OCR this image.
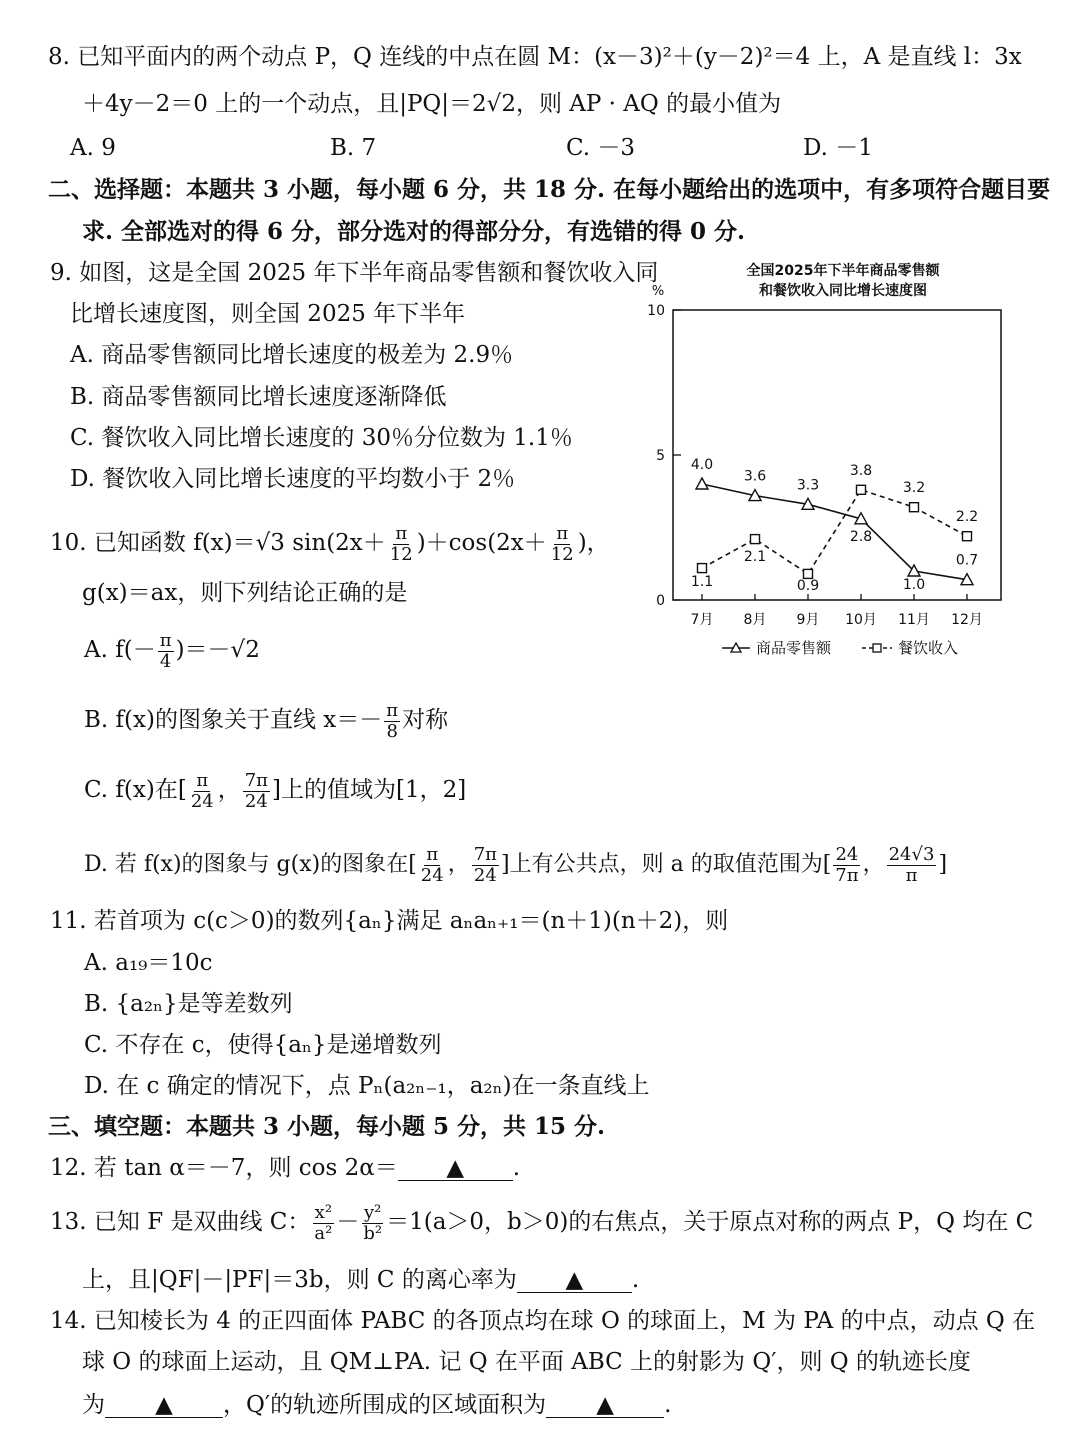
8. 已知平面内的两个动点 P，Q 连线的中点在圆 M：(x－3)²＋(y－2)²＝4 上，A 是直线 l：3x
＋4y－2＝0 上的一个动点，且|PQ|＝2√2，则 AP · AQ 的最小值为
A. 9	B. 7	C. －3	D. －1
二、选择题：本题共 3 小题，每小题 6 分，共 18 分. 在每小题给出的选项中，有多项符合题目要
求. 全部选对的得 6 分，部分选对的得部分分，有选错的得 0 分.
9. 如图，这是全国 2025 年下半年商品零售额和餐饮收入同
比增长速度图，则全国 2025 年下半年
A. 商品零售额同比增长速度的极差为 2.9％
B. 商品零售额同比增长速度逐渐降低
C. 餐饮收入同比增长速度的 30％分位数为 1.1％
D. 餐饮收入同比增长速度的平均数小于 2％
全国2025年下半年商品零售额
和餐饮收入同比增长速度图
%
0
5
10
7月 8月 9月 10月 11月 12月
4.0
3.6
3.3
2.8
1.0
0.7
1.1
2.1
0.9
3.8
3.2
2.2
商品零售额	餐饮收入
10. 已知函数 f(x)＝√3 $\sin(2x+ \frac{\pi}{12} )+\cos(2x+ \frac{\pi}{12}$ )，
g(x)＝ax，则下列结论正确的是
A. $f(- \frac{\pi}{4} )=-√2$
B. f(x)的图象关于直线 $x=- \frac{\pi}{8}$ 对称
C. f(x)在[ $\frac{\pi}{24}$ ， $\frac{7\pi}{24}$ ]上的值域为[1，2]
D. 若 f(x)的图象与 g(x)的图象在[ $\frac{\pi}{24}$ ， $\frac{7\pi}{24}$ ]上有公共点，则 a 的取值范围为[ $\frac{24}{7\pi}$ ， $\frac{24√3}{\pi}$ ]
11. 若首项为 c(c＞0)的数列{aₙ}满足 aₙaₙ₊₁＝(n＋1)(n＋2)，则
A. a₁₉＝10c
B. {a₂ₙ}是等差数列
C. 不存在 c，使得{aₙ}是递增数列
D. 在 c 确定的情况下，点 Pₙ(a₂ₙ₋₁，a₂ₙ)在一条直线上
三、填空题：本题共 3 小题，每小题 5 分，共 15 分.
12. 若 tan α＝－7，则 cos 2α＝ ▲ .
13. 已知 F 是双曲线 C： $\frac{\text{x²}}{\text{a²}} - \frac{\text{y²}}{\text{b²}} =1(a>0$，b＞0)的右焦点，关于原点对称的两点 P，Q 均在 C
上，且|QF|－|PF|＝3b，则 C 的离心率为 ▲ .
14. 已知棱长为 4 的正四面体 PABC 的各顶点均在球 O 的球面上，M 为 PA 的中点，动点 Q 在
球 O 的球面上运动，且 QM⊥PA. 记 Q 在平面 ABC 上的射影为 Q′，则 Q 的轨迹长度
为 ▲ ，Q′的轨迹所围成的区域面积为 ▲ .
